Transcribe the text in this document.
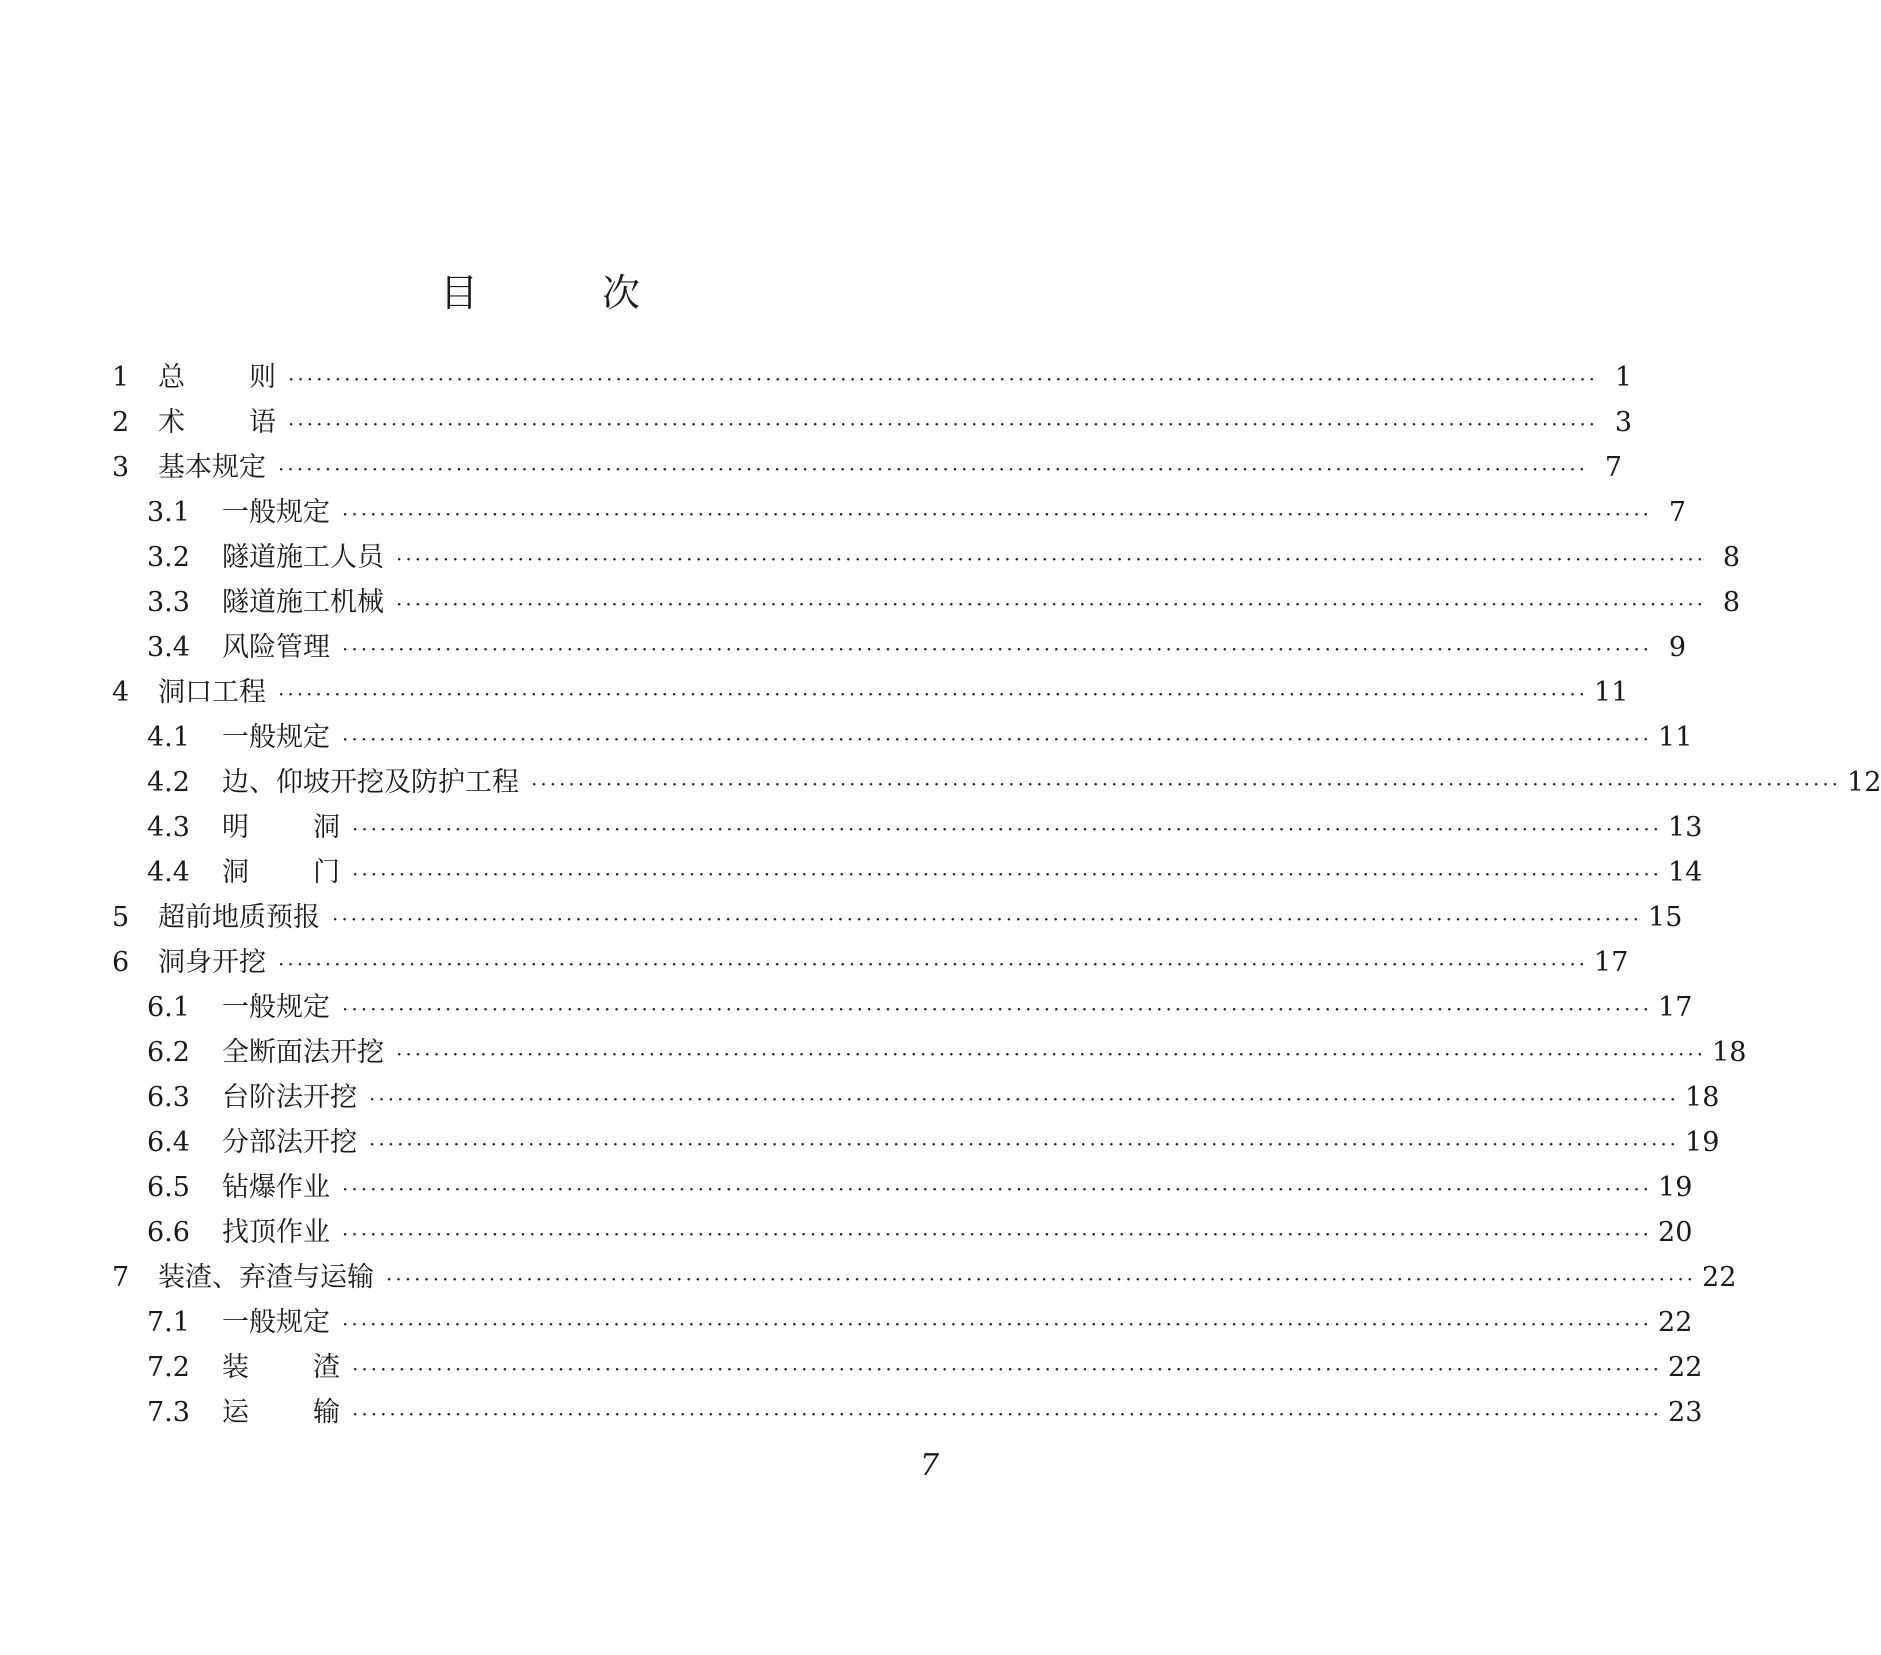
目 次
1	总 则 ············································································································································ 1
2	术 语 ············································································································································ 3
3	基本规定 ············································································································································ 7
3.1	一般规定 ············································································································································ 7
3.2	隧道施工人员 ············································································································································ 8
3.3	隧道施工机械 ············································································································································ 8
3.4	风险管理 ············································································································································ 9
4	洞口工程 ············································································································································ 11
4.1	一般规定 ············································································································································ 11
4.2	边、仰坡开挖及防护工程 ············································································································································ 12
4.3	明 洞 ············································································································································ 13
4.4	洞 门 ············································································································································ 14
5	超前地质预报 ············································································································································ 15
6	洞身开挖 ············································································································································ 17
6.1	一般规定 ············································································································································ 17
6.2	全断面法开挖 ············································································································································ 18
6.3	台阶法开挖 ············································································································································ 18
6.4	分部法开挖 ············································································································································ 19
6.5	钻爆作业 ············································································································································ 19
6.6	找顶作业 ············································································································································ 20
7	装渣、弃渣与运输 ············································································································································ 22
7.1	一般规定 ············································································································································ 22
7.2	装 渣 ············································································································································ 22
7.3	运 输 ············································································································································ 23
7
